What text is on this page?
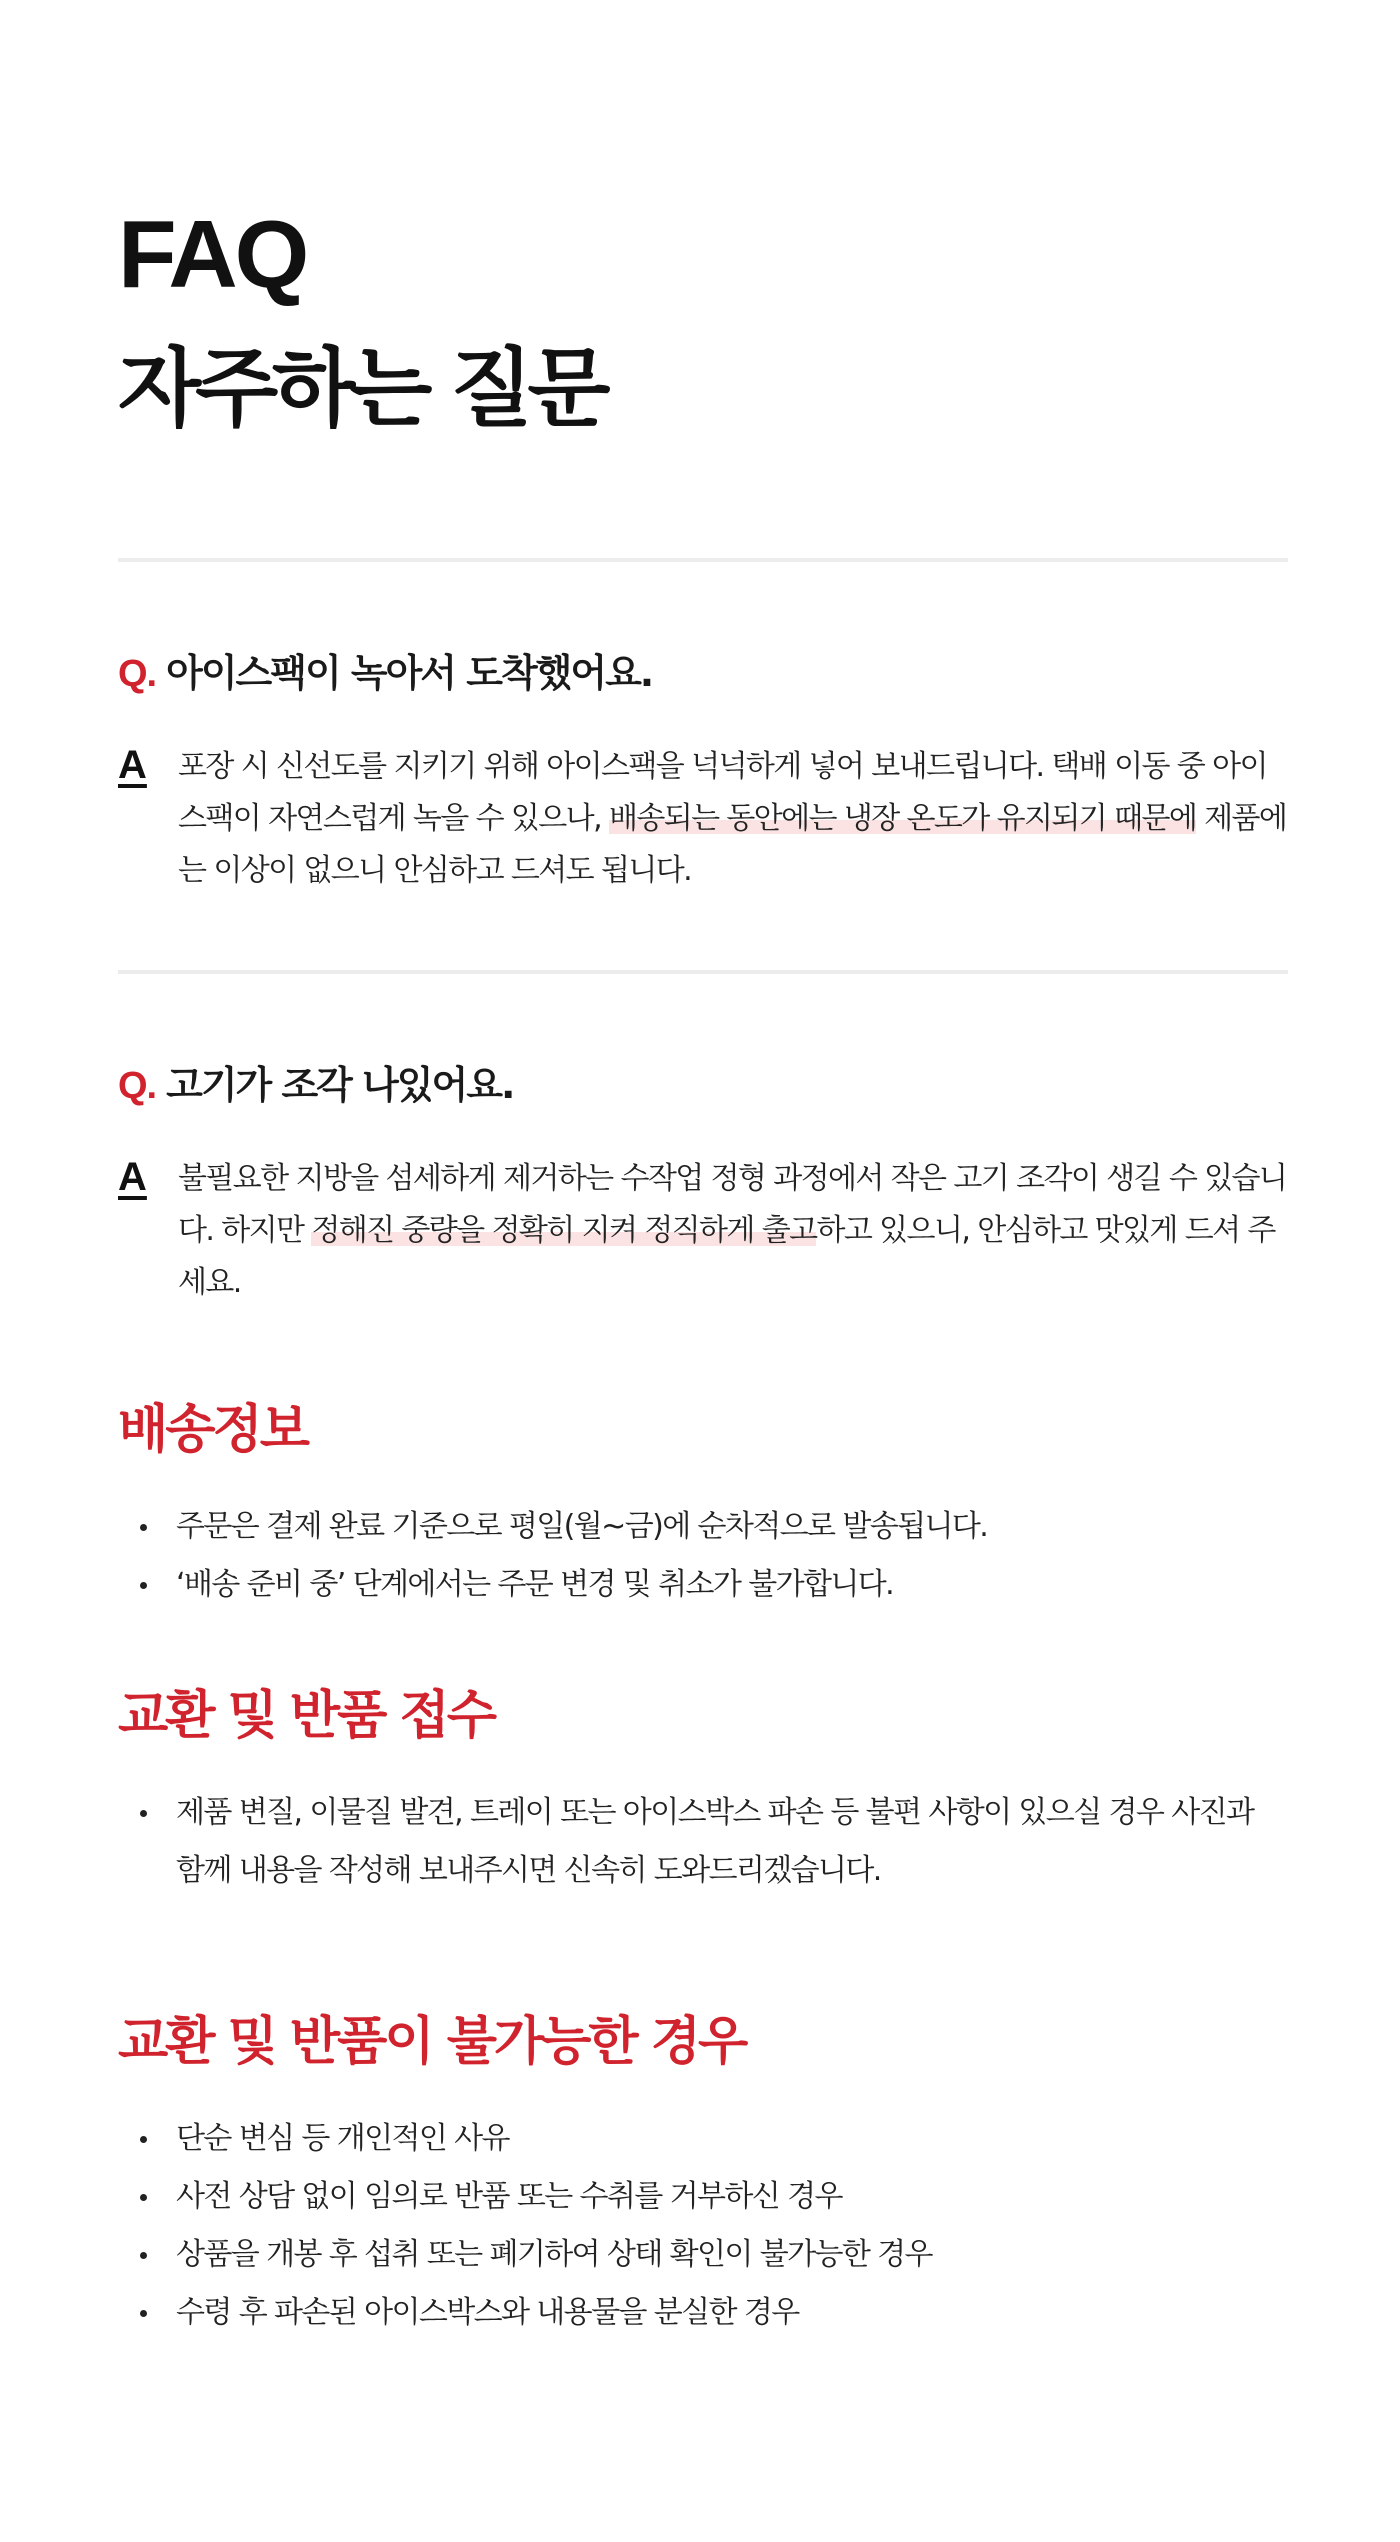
FAQ
자주하는 질문
Q. 아이스팩이 녹아서 도착했어요.
A	포장 시 신선도를 지키기 위해 아이스팩을 넉넉하게 넣어 보내드립니다. 택배 이동 중 아이스팩이 자연스럽게 녹을 수 있으나, 배송되는 동안에는 냉장 온도가 유지되기 때문에 제품에는 이상이 없으니 안심하고 드셔도 됩니다.

Q. 고기가 조각 나있어요.
A	불필요한 지방을 섬세하게 제거하는 수작업 정형 과정에서 작은 고기 조각이 생길 수 있습니다. 하지만 정해진 중량을 정확히 지켜 정직하게 출고하고 있으니, 안심하고 맛있게 드셔 주세요.

배송정보
주문은 결제 완료 기준으로 평일(월~금)에 순차적으로 발송됩니다.
‘배송 준비 중’ 단계에서는 주문 변경 및 취소가 불가합니다.
교환 및 반품 접수
제품 변질, 이물질 발견, 트레이 또는 아이스박스 파손 등 불편 사항이 있으실 경우 사진과 함께 내용을 작성해 보내주시면 신속히 도와드리겠습니다.
교환 및 반품이 불가능한 경우
단순 변심 등 개인적인 사유
사전 상담 없이 임의로 반품 또는 수취를 거부하신 경우
상품을 개봉 후 섭취 또는 폐기하여 상태 확인이 불가능한 경우
수령 후 파손된 아이스박스와 내용물을 분실한 경우
